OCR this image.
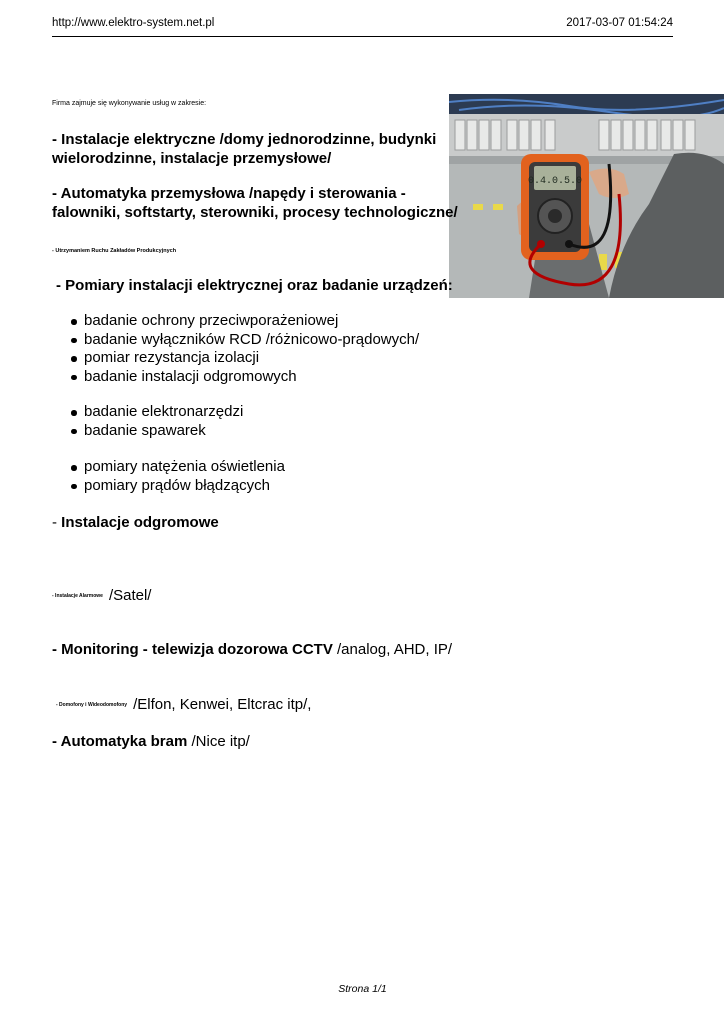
http://www.elektro-system.net.pl	2017-03-07 01:54:24
Firma zajmuje się wykonywanie usług w zakresie:
0.4.0.5.0
- Instalacje elektryczne /domy jednorodzinne, budynki wielorodzinne, instalacje przemysłowe/
- Automatyka przemysłowa /napędy i sterowania - falowniki, softstarty, sterowniki, procesy technologiczne/
- Utrzymaniem Ruchu Zakładów Produkcyjnych
- Pomiary instalacji elektrycznej oraz badanie urządzeń:
badanie ochrony przeciwporażeniowej
badanie wyłączników RCD /różnicowo-prądowych/
pomiar rezystancja izolacji
badanie instalacji odgromowych
badanie elektronarzędzi
badanie spawarek
pomiary natężenia oświetlenia
pomiary prądów błądzących
- Instalacje odgromowe
- Instalacje Alarmowe /Satel/
- Monitoring - telewizja dozorowa CCTV /analog, AHD, IP/
- Domofony i Wideodomofony /Elfon, Kenwei, Eltcrac itp/,
- Automatyka bram /Nice itp/
Strona 1/1
